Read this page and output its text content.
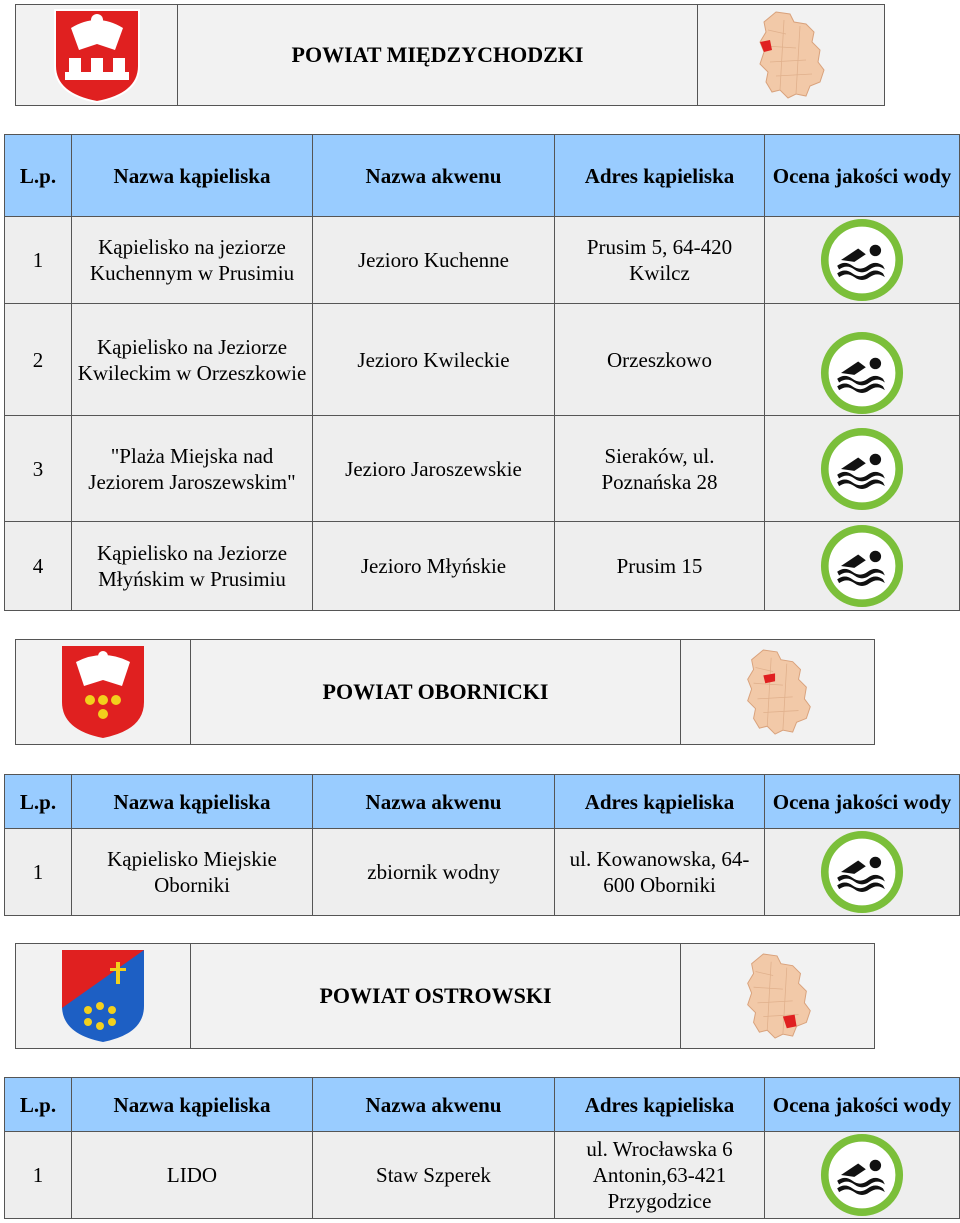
POWIAT MIĘDZYCHODZKI
L.p.	Nazwa kąpieliska	Nazwa akwenu	Adres kąpieliska	Ocena jakości wody
1	Kąpielisko na jeziorze Kuchennym w Prusimiu	Jezioro Kuchenne	Prusim 5, 64-420 Kwilcz	

2	Kąpielisko na Jeziorze Kwileckim w Orzeszkowie	Jezioro Kwileckie	Orzeszkowo	

3	"Plaża Miejska nad Jeziorem Jaroszewskim"	Jezioro Jaroszewskie	Sieraków, ul. Poznańska 28	

4	Kąpielisko na Jeziorze Młyńskim w Prusimiu	Jezioro Młyńskie	Prusim 15	
POWIAT OBORNICKI
L.p.	Nazwa kąpieliska	Nazwa akwenu	Adres kąpieliska	Ocena jakości wody
1	Kąpielisko Miejskie Oborniki	zbiornik wodny	ul. Kowanowska, 64-600 Oborniki	
POWIAT OSTROWSKI
L.p.	Nazwa kąpieliska	Nazwa akwenu	Adres kąpieliska	Ocena jakości wody
1	LIDO	Staw Szperek	ul. Wrocławska 6 Antonin,63-421 Przygodzice	
